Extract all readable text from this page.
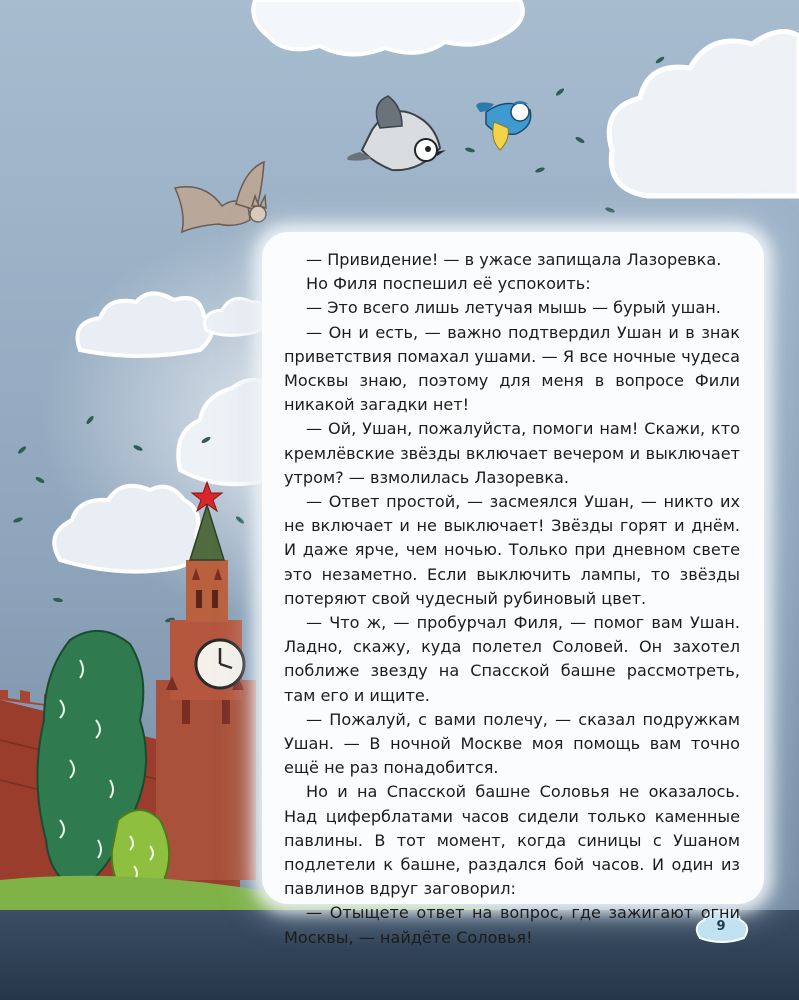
— Привидение! — в ужасе запищала Лазоревка.

Но Филя поспешил её успокоить:

— Это всего лишь летучая мышь — бурый ушан.

— Он и есть, — важно подтвердил Ушан и в знак приветствия помахал ушами. — Я все ночные чудеса Москвы знаю, поэтому для меня в вопросе Фили никакой загадки нет!

— Ой, Ушан, пожалуйста, помоги нам! Скажи, кто кремлёвские звёзды включает вечером и выключает утром? — взмолилась Лазоревка.

— Ответ простой, — засмеялся Ушан, — никто их не включает и не выключает! Звёзды горят и днём. И даже ярче, чем ночью. Только при дневном свете это незаметно. Если выключить лампы, то звёзды потеряют свой чудесный рубиновый цвет.

— Что ж, — пробурчал Филя, — помог вам Ушан. Ладно, скажу, куда полетел Соловей. Он захотел поближе звезду на Спасской башне рассмотреть, там его и ищите.

— Пожалуй, с вами полечу, — сказал подружкам Ушан. — В ночной Москве моя помощь вам точно ещё не раз понадобится.

Но и на Спасской башне Соловья не оказалось. Над циферблатами часов сидели только каменные павлины. В тот момент, когда синицы с Ушаном подлетели к башне, раздался бой часов. И один из павлинов вдруг заговорил:

— Отыщете ответ на вопрос, где зажигают огни Москвы, — найдёте Соловья!

9
